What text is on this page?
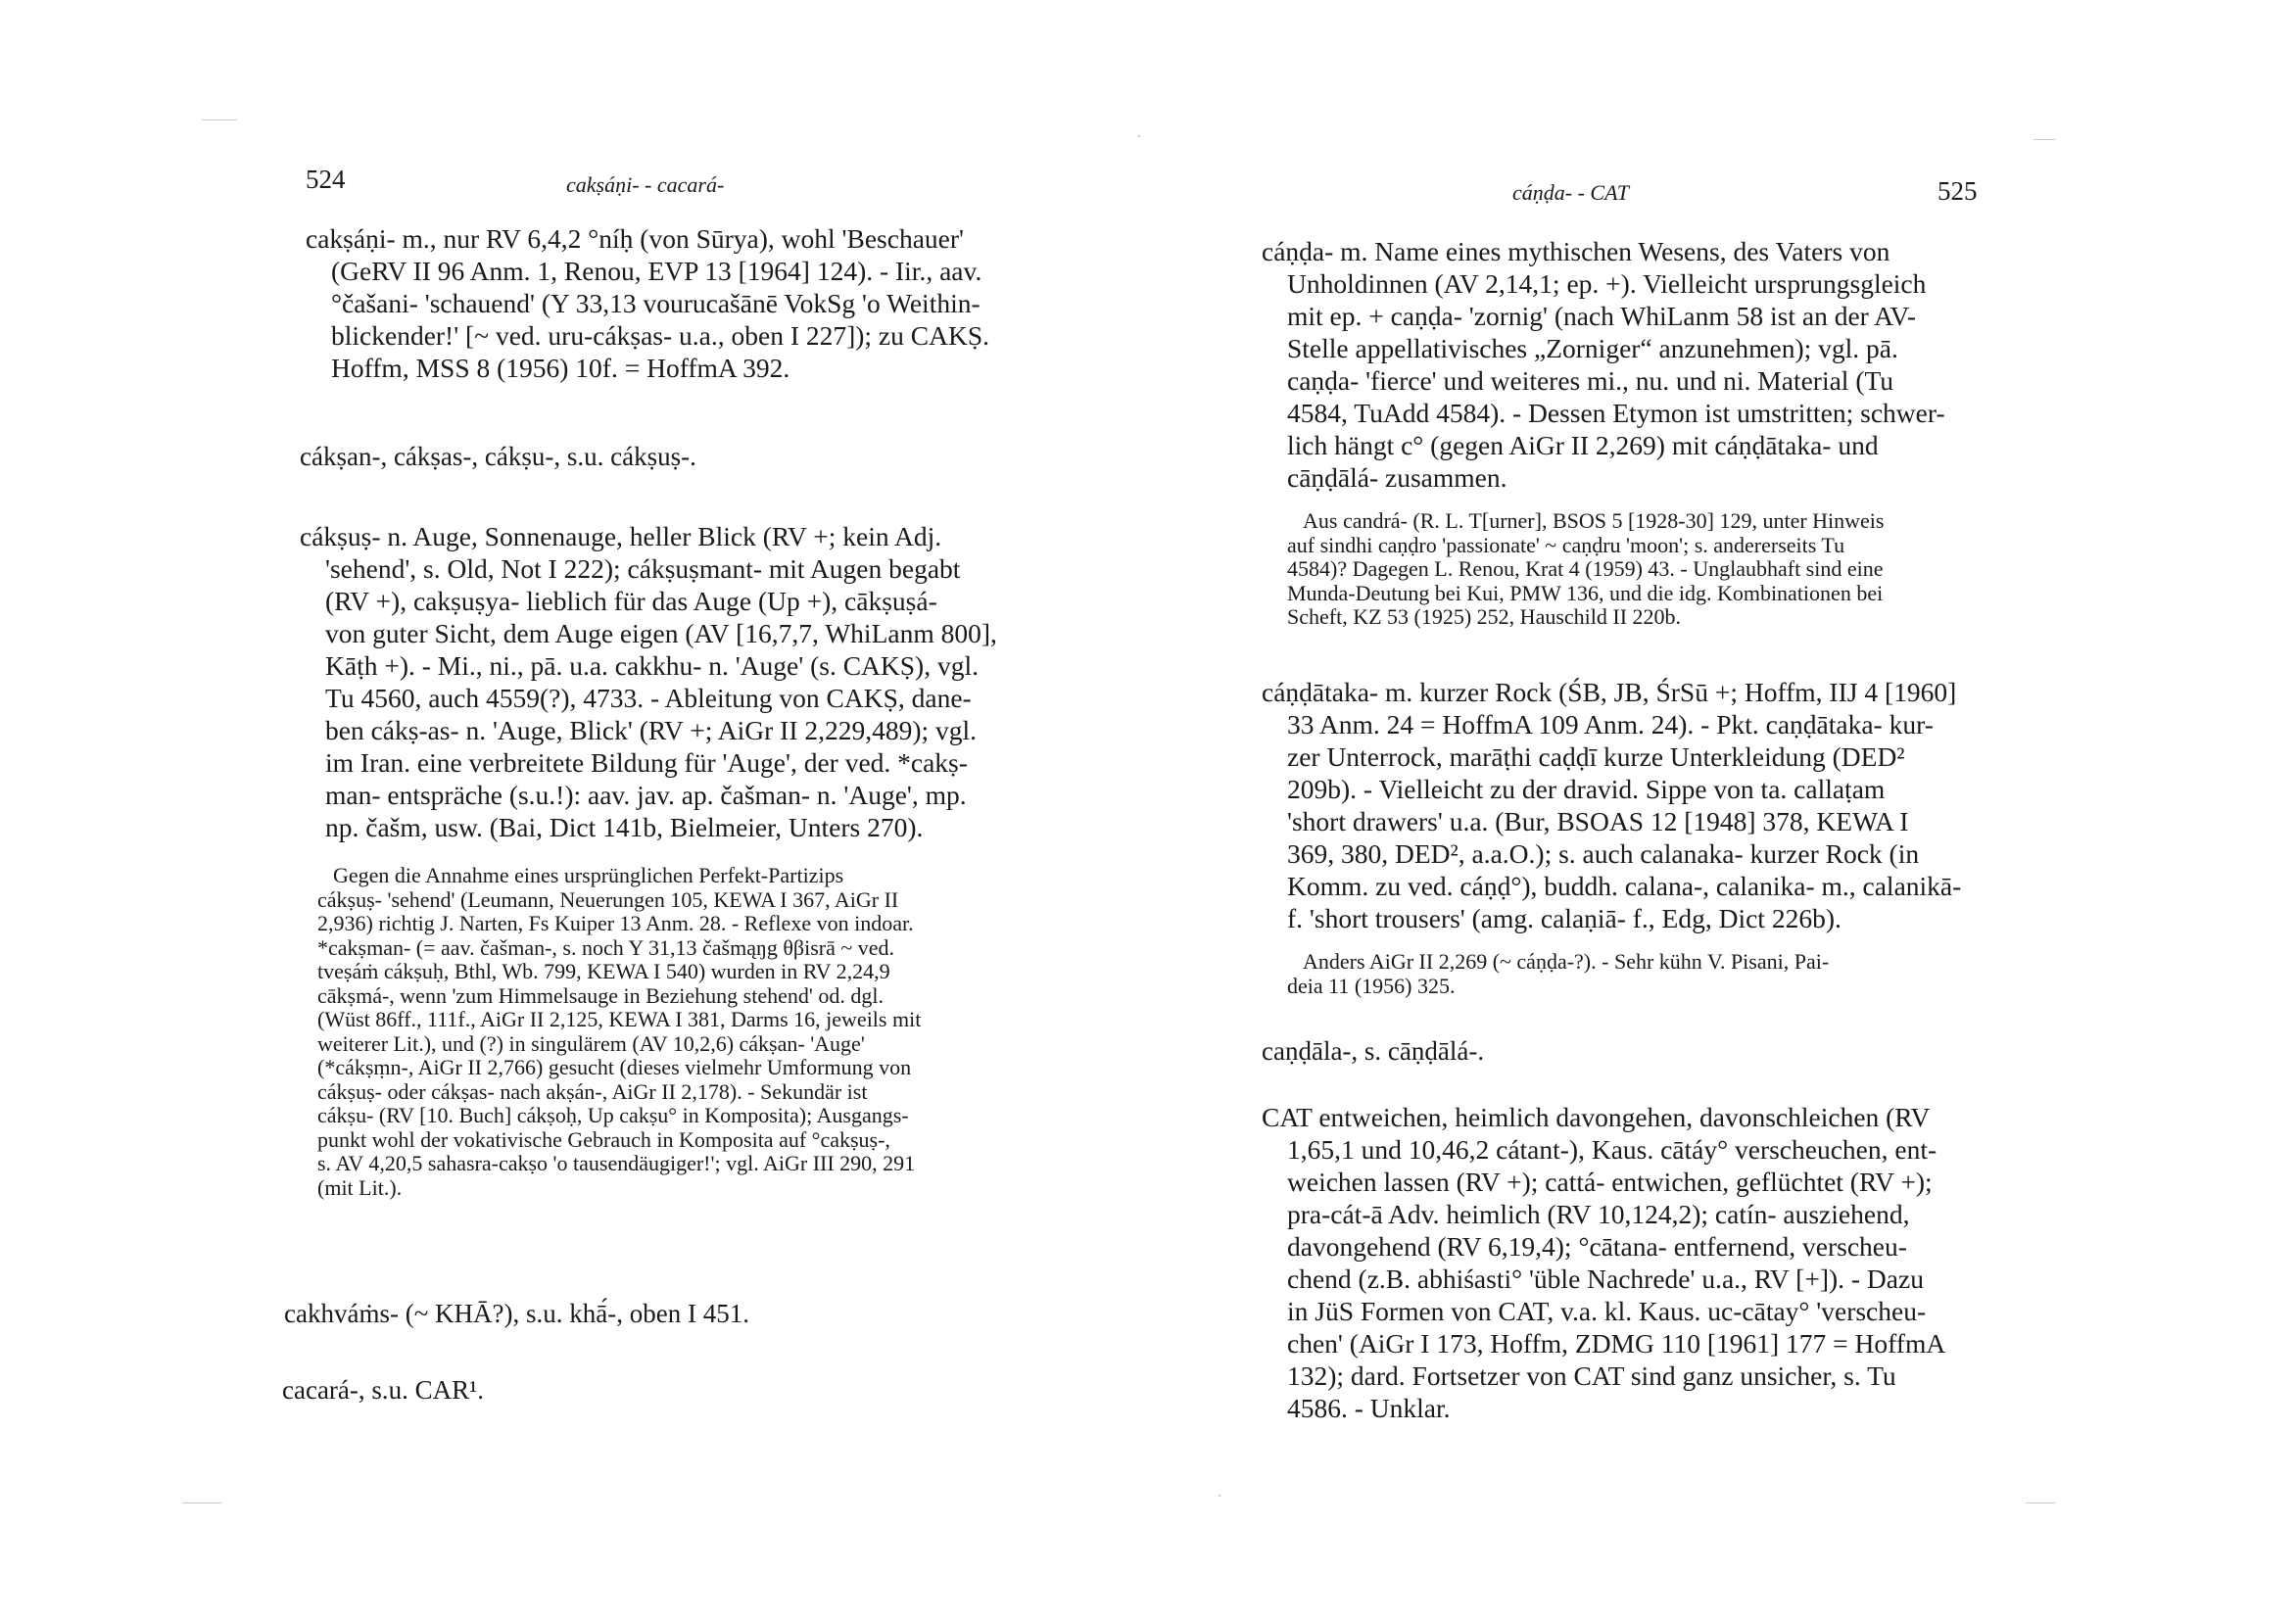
524	cakṣáṇi- - cacará-
cakṣáṇi- m., nur RV 6,4,2 °níḥ (von Sūrya), wohl 'Beschauer'
(GeRV II 96 Anm. 1, Renou, EVP 13 [1964] 124). - Iir., aav.
°čašani- 'schauend' (Y 33,13 vourucašānē VokSg 'o Weithin-
blickender!' [~ ved. uru-cákṣas- u.a., oben I 227]); zu CAKṢ.
Hoffm, MSS 8 (1956) 10f. = HoffmA 392.
cákṣan-, cákṣas-, cákṣu-, s.u. cákṣuṣ-.
cákṣuṣ- n. Auge, Sonnenauge, heller Blick (RV +; kein Adj.
'sehend', s. Old, Not I 222); cákṣuṣmant- mit Augen begabt
(RV +), cakṣuṣya- lieblich für das Auge (Up +), cākṣuṣá-
von guter Sicht, dem Auge eigen (AV [16,7,7, WhiLanm 800],
Kāṭh +). - Mi., ni., pā. u.a. cakkhu- n. 'Auge' (s. CAKṢ), vgl.
Tu 4560, auch 4559(?), 4733. - Ableitung von CAKṢ, dane-
ben cákṣ-as- n. 'Auge, Blick' (RV +; AiGr II 2,229,489); vgl.
im Iran. eine verbreitete Bildung für 'Auge', der ved. *cakṣ-
man- entspräche (s.u.!): aav. jav. ap. čašman- n. 'Auge', mp.
np. čašm, usw. (Bai, Dict 141b, Bielmeier, Unters 270).
Gegen die Annahme eines ursprünglichen Perfekt-Partizips
cákṣuṣ- 'sehend' (Leumann, Neuerungen 105, KEWA I 367, AiGr II
2,936) richtig J. Narten, Fs Kuiper 13 Anm. 28. - Reflexe von indoar.
*cakṣman- (= aav. čašman-, s. noch Y 31,13 čašmąŋg θβisrā ~ ved.
tveṣáṁ cákṣuḥ, Bthl, Wb. 799, KEWA I 540) wurden in RV 2,24,9
cākṣmá-, wenn 'zum Himmelsauge in Beziehung stehend' od. dgl.
(Wüst 86ff., 111f., AiGr II 2,125, KEWA I 381, Darms 16, jeweils mit
weiterer Lit.), und (?) in singulärem (AV 10,2,6) cákṣan- 'Auge'
(*cákṣṃn-, AiGr II 2,766) gesucht (dieses vielmehr Umformung von
cákṣuṣ- oder cákṣas- nach akṣán-, AiGr II 2,178). - Sekundär ist
cákṣu- (RV [10. Buch] cákṣoḥ, Up cakṣu° in Komposita); Ausgangs-
punkt wohl der vokativische Gebrauch in Komposita auf °cakṣuṣ-,
s. AV 4,20,5 sahasra-cakṣo 'o tausendäugiger!'; vgl. AiGr III 290, 291
(mit Lit.).
cakhváṁs- (~ KHĀ?), s.u. khā́-, oben I 451.
cacará-, s.u. CAR¹.
cáṇḍa- - CAT	525
cáṇḍa- m. Name eines mythischen Wesens, des Vaters von
Unholdinnen (AV 2,14,1; ep. +). Vielleicht ursprungsgleich
mit ep. + caṇḍa- 'zornig' (nach WhiLanm 58 ist an der AV-
Stelle appellativisches „Zorniger“ anzunehmen); vgl. pā.
caṇḍa- 'fierce' und weiteres mi., nu. und ni. Material (Tu
4584, TuAdd 4584). - Dessen Etymon ist umstritten; schwer-
lich hängt c° (gegen AiGr II 2,269) mit cáṇḍātaka- und
cāṇḍālá- zusammen.
Aus candrá- (R. L. T[urner], BSOS 5 [1928-30] 129, unter Hinweis
auf sindhi caṇḍro 'passionate' ~ caṇḍru 'moon'; s. andererseits Tu
4584)? Dagegen L. Renou, Krat 4 (1959) 43. - Unglaubhaft sind eine
Munda-Deutung bei Kui, PMW 136, und die idg. Kombinationen bei
Scheft, KZ 53 (1925) 252, Hauschild II 220b.
cáṇḍātaka- m. kurzer Rock (ŚB, JB, ŚrSū +; Hoffm, IIJ 4 [1960]
33 Anm. 24 = HoffmA 109 Anm. 24). - Pkt. caṇḍātaka- kur-
zer Unterrock, marāṭhi caḍḍī kurze Unterkleidung (DED²
209b). - Vielleicht zu der dravid. Sippe von ta. callaṭam
'short drawers' u.a. (Bur, BSOAS 12 [1948] 378, KEWA I
369, 380, DED², a.a.O.); s. auch calanaka- kurzer Rock (in
Komm. zu ved. cáṇḍ°), buddh. calana-, calanika- m., calanikā-
f. 'short trousers' (amg. calaṇiā- f., Edg, Dict 226b).
Anders AiGr II 2,269 (~ cáṇḍa-?). - Sehr kühn V. Pisani, Pai-
deia 11 (1956) 325.
caṇḍāla-, s. cāṇḍālá-.
CAT entweichen, heimlich davongehen, davonschleichen (RV
1,65,1 und 10,46,2 cátant-), Kaus. cātáy° verscheuchen, ent-
weichen lassen (RV +); cattá- entwichen, geflüchtet (RV +);
pra-cát-ā Adv. heimlich (RV 10,124,2); catín- ausziehend,
davongehend (RV 6,19,4); °cātana- entfernend, verscheu-
chend (z.B. abhiśasti° 'üble Nachrede' u.a., RV [+]). - Dazu
in JüS Formen von CAT, v.a. kl. Kaus. uc-cātay° 'verscheu-
chen' (AiGr I 173, Hoffm, ZDMG 110 [1961] 177 = HoffmA
132); dard. Fortsetzer von CAT sind ganz unsicher, s. Tu
4586. - Unklar.
